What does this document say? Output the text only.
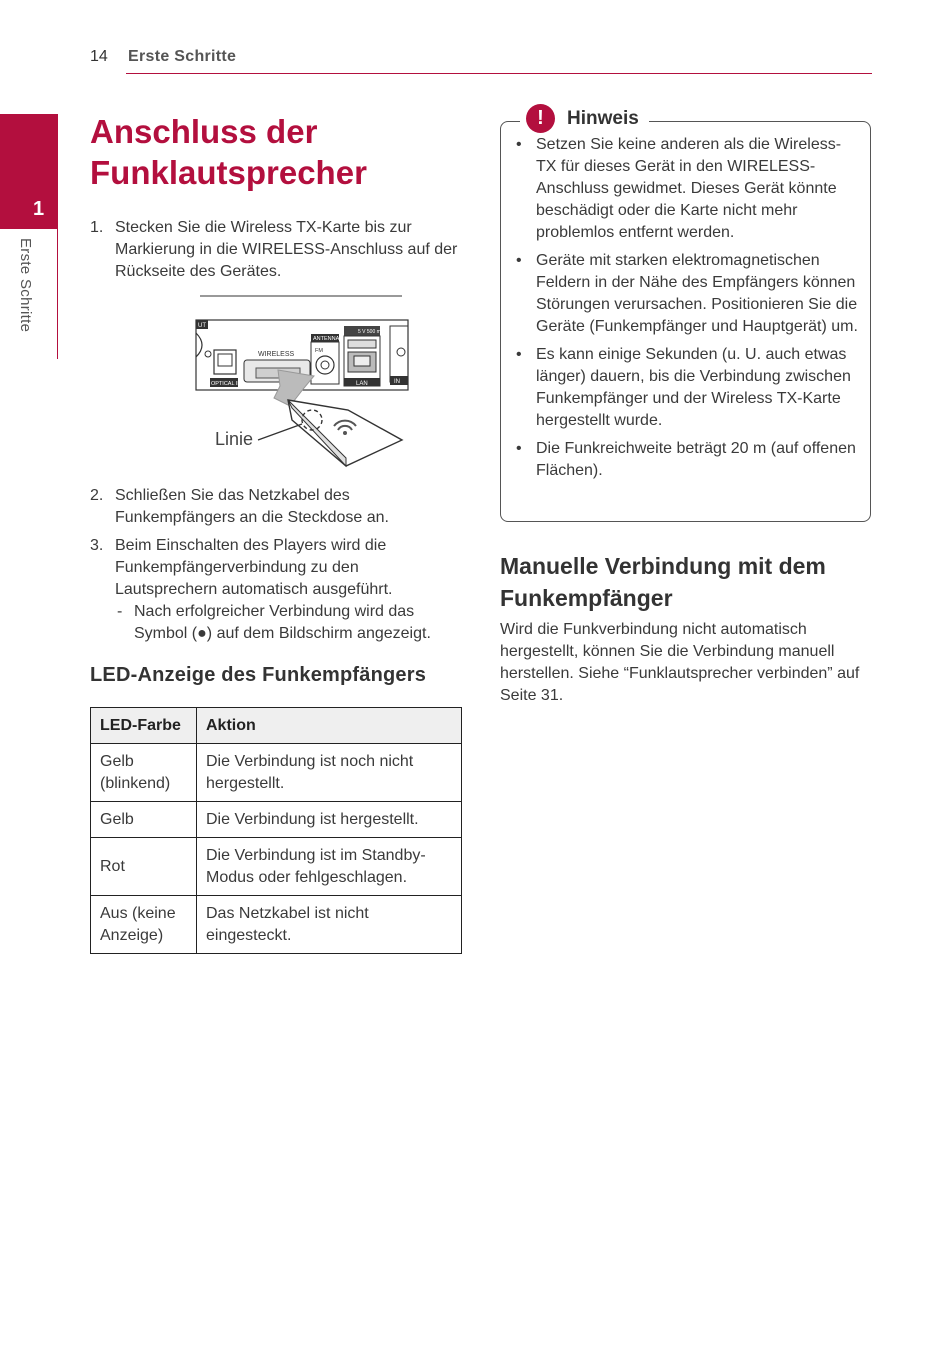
14 Erste Schritte
1
Erste Schritte
Anschluss der Funklautsprecher
1. Stecken Sie die Wireless TX-Karte bis zur Markierung in die WIRELESS-Anschluss auf der Rückseite des Gerätes.
UT
OPTICAL IN
WIRELESS
ANTENNA
FM
5 V 500 mA
LAN	IN
Linie
2. Schließen Sie das Netzkabel des Funkempfängers an die Steckdose an.
3. Beim Einschalten des Players wird die Funkempfängerverbindung zu den Lautsprechern automatisch ausgeführt.
- Nach erfolgreicher Verbindung wird das Symbol (●) auf dem Bildschirm angezeigt.
LED-Anzeige des Funkempfängers
LED-Farbe	Aktion
Gelb (blinkend)	Die Verbindung ist noch nicht hergestellt.
Gelb	Die Verbindung ist hergestellt.
Rot	Die Verbindung ist im Standby-Modus oder fehlgeschlagen.
Aus (keine Anzeige)	Das Netzkabel ist nicht eingesteckt.
!	Hinweis
• Setzen Sie keine anderen als die Wireless-TX für dieses Gerät in den WIRELESS-Anschluss gewidmet. Dieses Gerät könnte beschädigt oder die Karte nicht mehr problemlos entfernt werden.
• Geräte mit starken elektromagnetischen Feldern in der Nähe des Empfängers können Störungen verursachen. Positionieren Sie die Geräte (Funkempfänger und Hauptgerät) um.
• Es kann einige Sekunden (u. U. auch etwas länger) dauern, bis die Verbindung zwischen Funkempfänger und der Wireless TX-Karte hergestellt wurde.
• Die Funkreichweite beträgt 20 m (auf offenen Flächen).
Manuelle Verbindung mit dem Funkempfänger
Wird die Funkverbindung nicht automatisch hergestellt, können Sie die Verbindung manuell herstellen. Siehe “Funklautsprecher verbinden” auf Seite 31.
